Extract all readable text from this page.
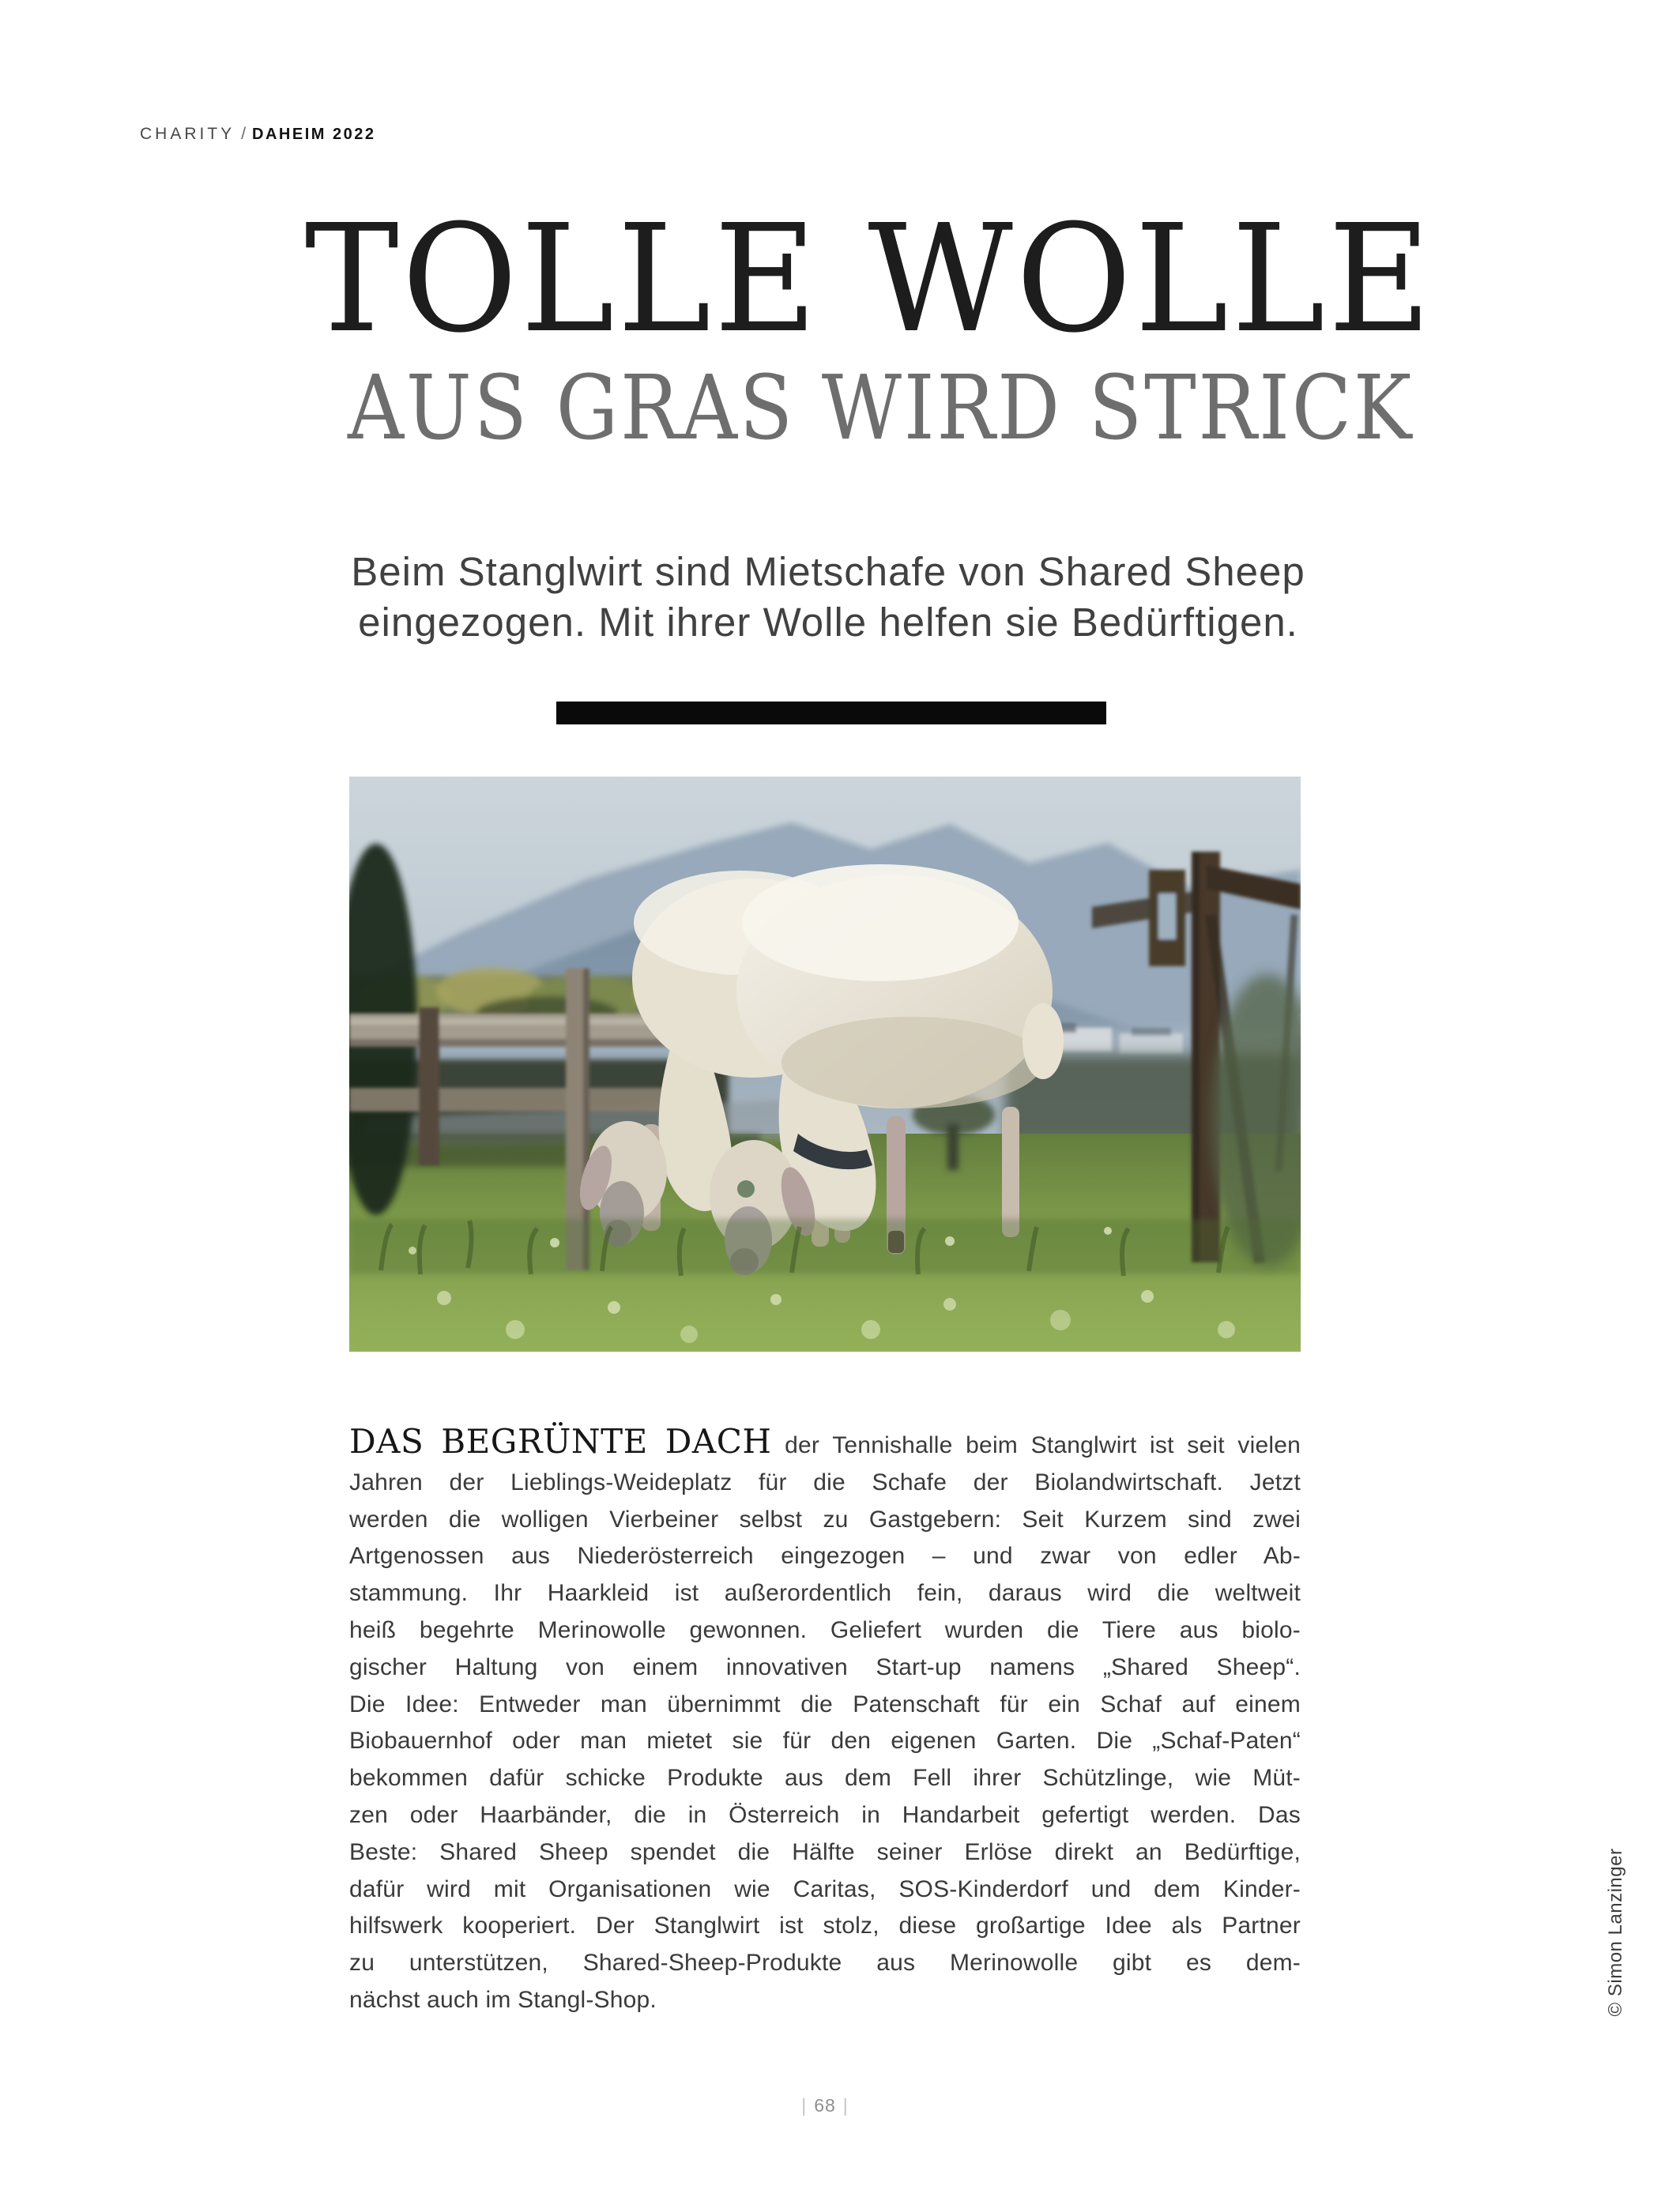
CHARITY / DAHEIM 2022
TOLLE WOLLE
AUS GRAS WIRD STRICK
Beim Stanglwirt sind Mietschafe von Shared Sheep
eingezogen. Mit ihrer Wolle helfen sie Bedürftigen.
DAS BEGRÜNTE DACH der Tennishalle beim Stanglwirt ist seit vielen
Jahren der Lieblings-Weideplatz für die Schafe der Biolandwirtschaft. Jetzt
werden die wolligen Vierbeiner selbst zu Gastgebern: Seit Kurzem sind zwei
Artgenossen aus Niederösterreich eingezogen – und zwar von edler Ab-
stammung. Ihr Haarkleid ist außerordentlich fein, daraus wird die weltweit
heiß begehrte Merinowolle gewonnen. Geliefert wurden die Tiere aus biolo-
gischer Haltung von einem innovativen Start-up namens „Shared Sheep“.
Die Idee: Entweder man übernimmt die Patenschaft für ein Schaf auf einem
Biobauernhof oder man mietet sie für den eigenen Garten. Die „Schaf-Paten“
bekommen dafür schicke Produkte aus dem Fell ihrer Schützlinge, wie Müt-
zen oder Haarbänder, die in Österreich in Handarbeit gefertigt werden. Das
Beste: Shared Sheep spendet die Hälfte seiner Erlöse direkt an Bedürftige,
dafür wird mit Organisationen wie Caritas, SOS-Kinderdorf und dem Kinder-
hilfswerk kooperiert. Der Stanglwirt ist stolz, diese großartige Idee als Partner
zu unterstützen, Shared-Sheep-Produkte aus Merinowolle gibt es dem-
nächst auch im Stangl-Shop.	© Simon Lanzinger
| 68 |
